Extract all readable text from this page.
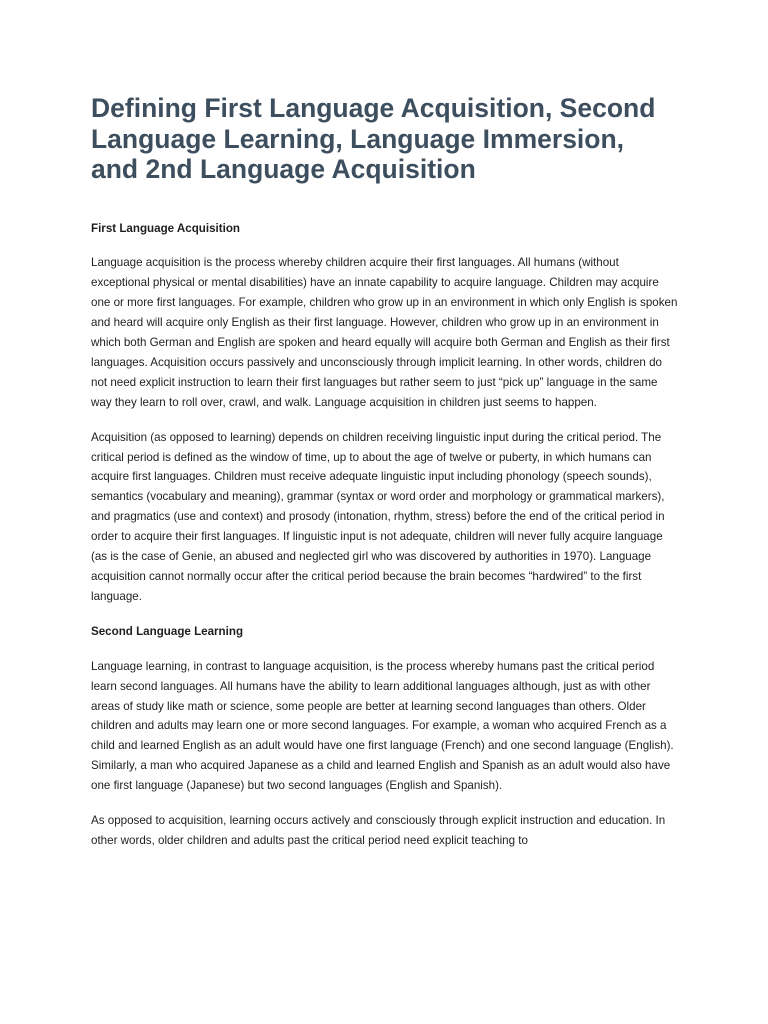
Defining First Language Acquisition, Second Language Learning, Language Immersion, and 2nd Language Acquisition
First Language Acquisition

Language acquisition is the process whereby children acquire their first languages. All humans (without exceptional physical or mental disabilities) have an innate capability to acquire language. Children may acquire one or more first languages. For example, children who grow up in an environment in which only English is spoken and heard will acquire only English as their first language. However, children who grow up in an environment in which both German and English are spoken and heard equally will acquire both German and English as their first languages. Acquisition occurs passively and unconsciously through implicit learning. In other words, children do not need explicit instruction to learn their first languages but rather seem to just “pick up” language in the same way they learn to roll over, crawl, and walk. Language acquisition in children just seems to happen.

Acquisition (as opposed to learning) depends on children receiving linguistic input during the critical period. The critical period is defined as the window of time, up to about the age of twelve or puberty, in which humans can acquire first languages. Children must receive adequate linguistic input including phonology (speech sounds), semantics (vocabulary and meaning), grammar (syntax or word order and morphology or grammatical markers), and pragmatics (use and context) and prosody (intonation, rhythm, stress) before the end of the critical period in order to acquire their first languages. If linguistic input is not adequate, children will never fully acquire language (as is the case of Genie, an abused and neglected girl who was discovered by authorities in 1970). Language acquisition cannot normally occur after the critical period because the brain becomes “hardwired” to the first language.

Second Language Learning

Language learning, in contrast to language acquisition, is the process whereby humans past the critical period learn second languages. All humans have the ability to learn additional languages although, just as with other areas of study like math or science, some people are better at learning second languages than others. Older children and adults may learn one or more second languages. For example, a woman who acquired French as a child and learned English as an adult would have one first language (French) and one second language (English). Similarly, a man who acquired Japanese as a child and learned English and Spanish as an adult would also have one first language (Japanese) but two second languages (English and Spanish).

As opposed to acquisition, learning occurs actively and consciously through explicit instruction and education. In other words, older children and adults past the critical period need explicit teaching to
